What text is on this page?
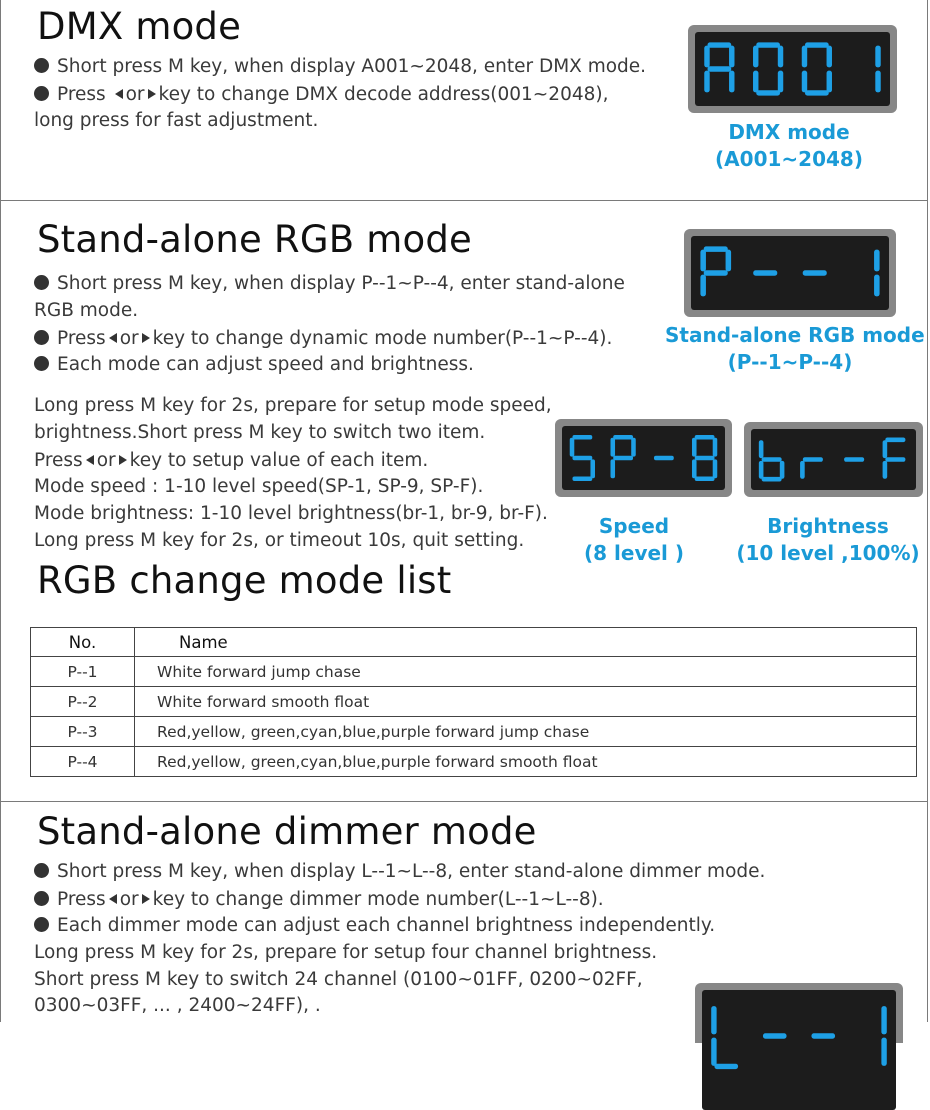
DMX mode
Short press M key, when display A001~2048, enter DMX mode.
Press or key to change DMX decode address(001~2048),
long press for fast adjustment.	DMX mode
(A001~2048)
Stand-alone RGB mode
Short press M key, when display P--1~P--4, enter stand-alone
RGB mode.
Press or key to change dynamic mode number(P--1~P--4).
Each mode can adjust speed and brightness.
Long press M key for 2s, prepare for setup mode speed,
brightness.Short press M key to switch two item.
Press or key to setup value of each item.
Mode speed : 1-10 level speed(SP-1, SP-9, SP-F).
Mode brightness: 1-10 level brightness(br-1, br-9, br-F).
Long press M key for 2s, or timeout 10s, quit setting.
Stand-alone RGB mode
(P--1~P--4)
Speed
(8 level )
Brightness
(10 level ,100%)
RGB change mode list
No.	Name
P--1	White forward jump chase
P--2	White forward smooth float
P--3	Red,yellow, green,cyan,blue,purple forward jump chase
P--4	Red,yellow, green,cyan,blue,purple forward smooth float
Stand-alone dimmer mode
Short press M key, when display L--1~L--8, enter stand-alone dimmer mode.
Press or key to change dimmer mode number(L--1~L--8).
Each dimmer mode can adjust each channel brightness independently.
Long press M key for 2s, prepare for setup four channel brightness.
Short press M key to switch 24 channel (0100~01FF, 0200~02FF,
0300~03FF, ... , 2400~24FF), .
